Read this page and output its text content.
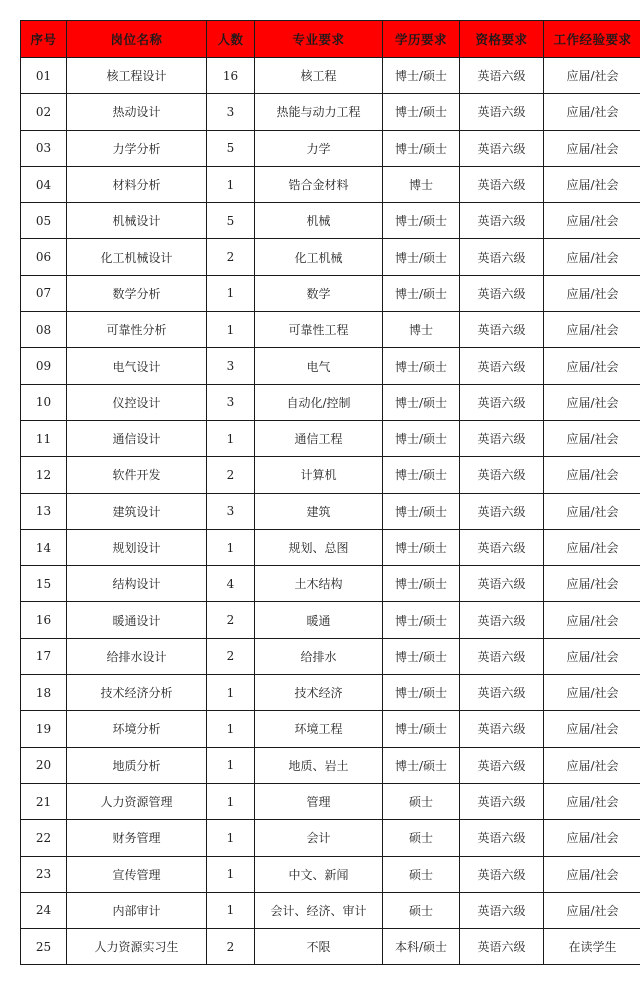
序号	岗位名称	人数	专业要求	学历要求	资格要求	工作经验要求
01	核工程设计	16	核工程	博士/硕士	英语六级	应届/社会
02	热动设计	3	热能与动力工程	博士/硕士	英语六级	应届/社会
03	力学分析	5	力学	博士/硕士	英语六级	应届/社会
04	材料分析	1	锆合金材料	博士	英语六级	应届/社会
05	机械设计	5	机械	博士/硕士	英语六级	应届/社会
06	化工机械设计	2	化工机械	博士/硕士	英语六级	应届/社会
07	数学分析	1	数学	博士/硕士	英语六级	应届/社会
08	可靠性分析	1	可靠性工程	博士	英语六级	应届/社会
09	电气设计	3	电气	博士/硕士	英语六级	应届/社会
10	仪控设计	3	自动化/控制	博士/硕士	英语六级	应届/社会
11	通信设计	1	通信工程	博士/硕士	英语六级	应届/社会
12	软件开发	2	计算机	博士/硕士	英语六级	应届/社会
13	建筑设计	3	建筑	博士/硕士	英语六级	应届/社会
14	规划设计	1	规划、总图	博士/硕士	英语六级	应届/社会
15	结构设计	4	土木结构	博士/硕士	英语六级	应届/社会
16	暖通设计	2	暖通	博士/硕士	英语六级	应届/社会
17	给排水设计	2	给排水	博士/硕士	英语六级	应届/社会
18	技术经济分析	1	技术经济	博士/硕士	英语六级	应届/社会
19	环境分析	1	环境工程	博士/硕士	英语六级	应届/社会
20	地质分析	1	地质、岩土	博士/硕士	英语六级	应届/社会
21	人力资源管理	1	管理	硕士	英语六级	应届/社会
22	财务管理	1	会计	硕士	英语六级	应届/社会
23	宣传管理	1	中文、新闻	硕士	英语六级	应届/社会
24	内部审计	1	会计、经济、审计	硕士	英语六级	应届/社会
25	人力资源实习生	2	不限	本科/硕士	英语六级	在读学生
